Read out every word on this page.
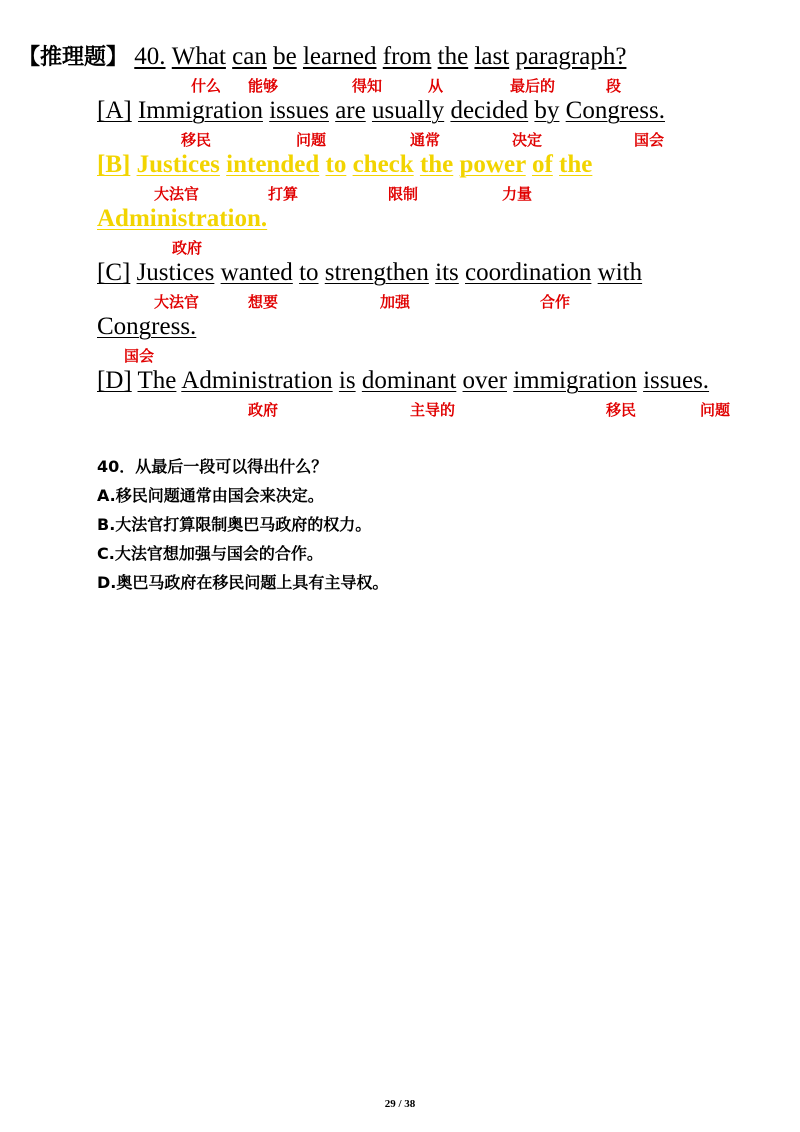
【推理题】 40. What can be learned from the last paragraph?
什么 能够	得知	从	最后的	段
[A] Immigration issues are usually decided by Congress.
移民	问题	通常	决定	国会
[B] Justices intended to check the power of the
大法官	打算	限制	力量
Administration.
政府
[C] Justices wanted to strengthen its coordination with
大法官	想要	加强	合作
Congress.
国会
[D] The Administration is dominant over immigration issues.
政府	主导的	移民	问题
40．从最后一段可以得出什么？
A.移民问题通常由国会来决定。
B.大法官打算限制奥巴马政府的权力。
C.大法官想加强与国会的合作。
D.奥巴马政府在移民问题上具有主导权。
29 / 38
